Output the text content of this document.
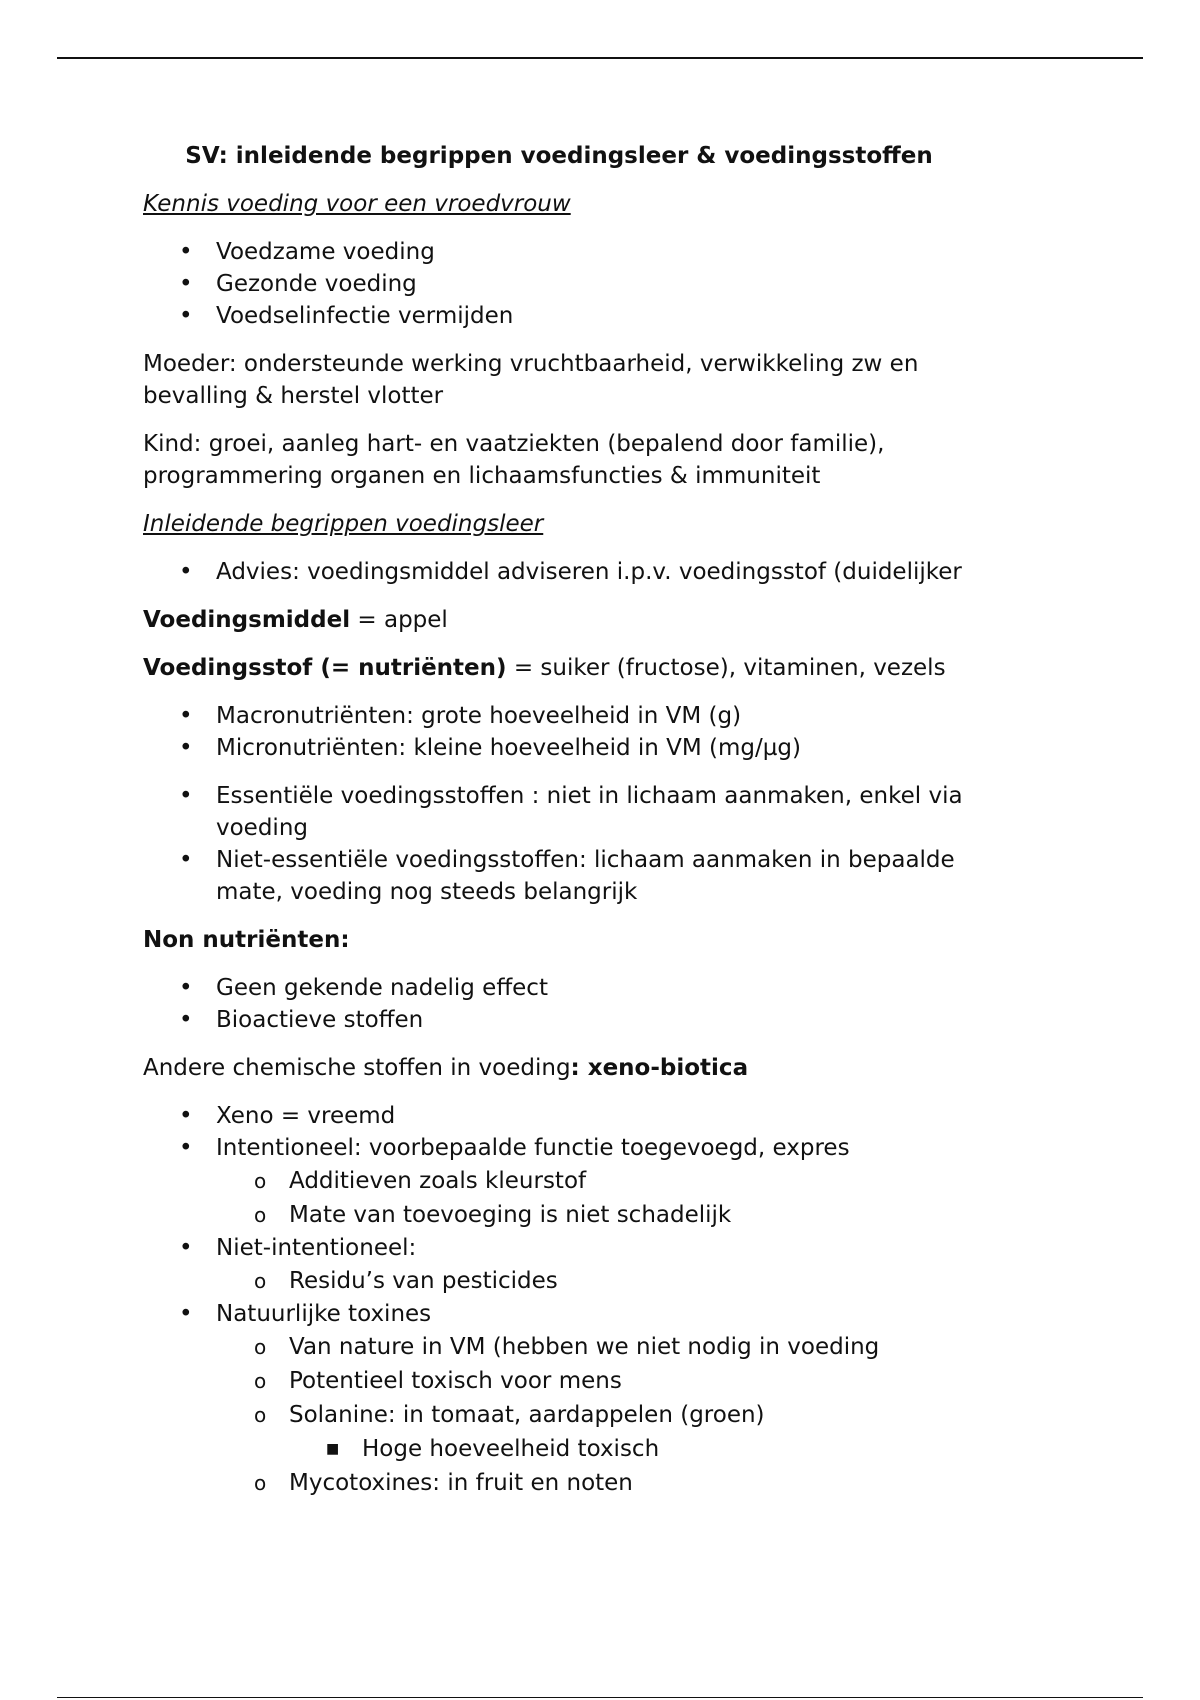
SV: inleidende begrippen voedingsleer & voedingsstoffen

Kennis voeding voor een vroedvrouw

• Voedzame voeding
• Gezonde voeding
• Voedselinfectie vermijden

Moeder: ondersteunde werking vruchtbaarheid, verwikkeling zw en bevalling & herstel vlotter

Kind: groei, aanleg hart- en vaatziekten (bepalend door familie), programmering organen en lichaamsfuncties & immuniteit

Inleidende begrippen voedingsleer

• Advies: voedingsmiddel adviseren i.p.v. voedingsstof (duidelijker

Voedingsmiddel = appel

Voedingsstof (= nutriënten) = suiker (fructose), vitaminen, vezels

• Macronutriënten: grote hoeveelheid in VM (g)
• Micronutriënten: kleine hoeveelheid in VM (mg/µg)
• Essentiële voedingsstoffen : niet in lichaam aanmaken, enkel via voeding
• Niet-essentiële voedingsstoffen: lichaam aanmaken in bepaalde mate, voeding nog steeds belangrijk

Non nutriënten:

• Geen gekende nadelig effect
• Bioactieve stoffen

Andere chemische stoffen in voeding: xeno-biotica

• Xeno = vreemd
• Intentioneel: voorbepaalde functie toegevoegd, expres
o Additieven zoals kleurstof
o Mate van toevoeging is niet schadelijk
• Niet-intentioneel:
o Residu’s van pesticides
• Natuurlijke toxines
o Van nature in VM (hebben we niet nodig in voeding
o Potentieel toxisch voor mens
o Solanine: in tomaat, aardappelen (groen)
■ Hoge hoeveelheid toxisch
o Mycotoxines: in fruit en noten
